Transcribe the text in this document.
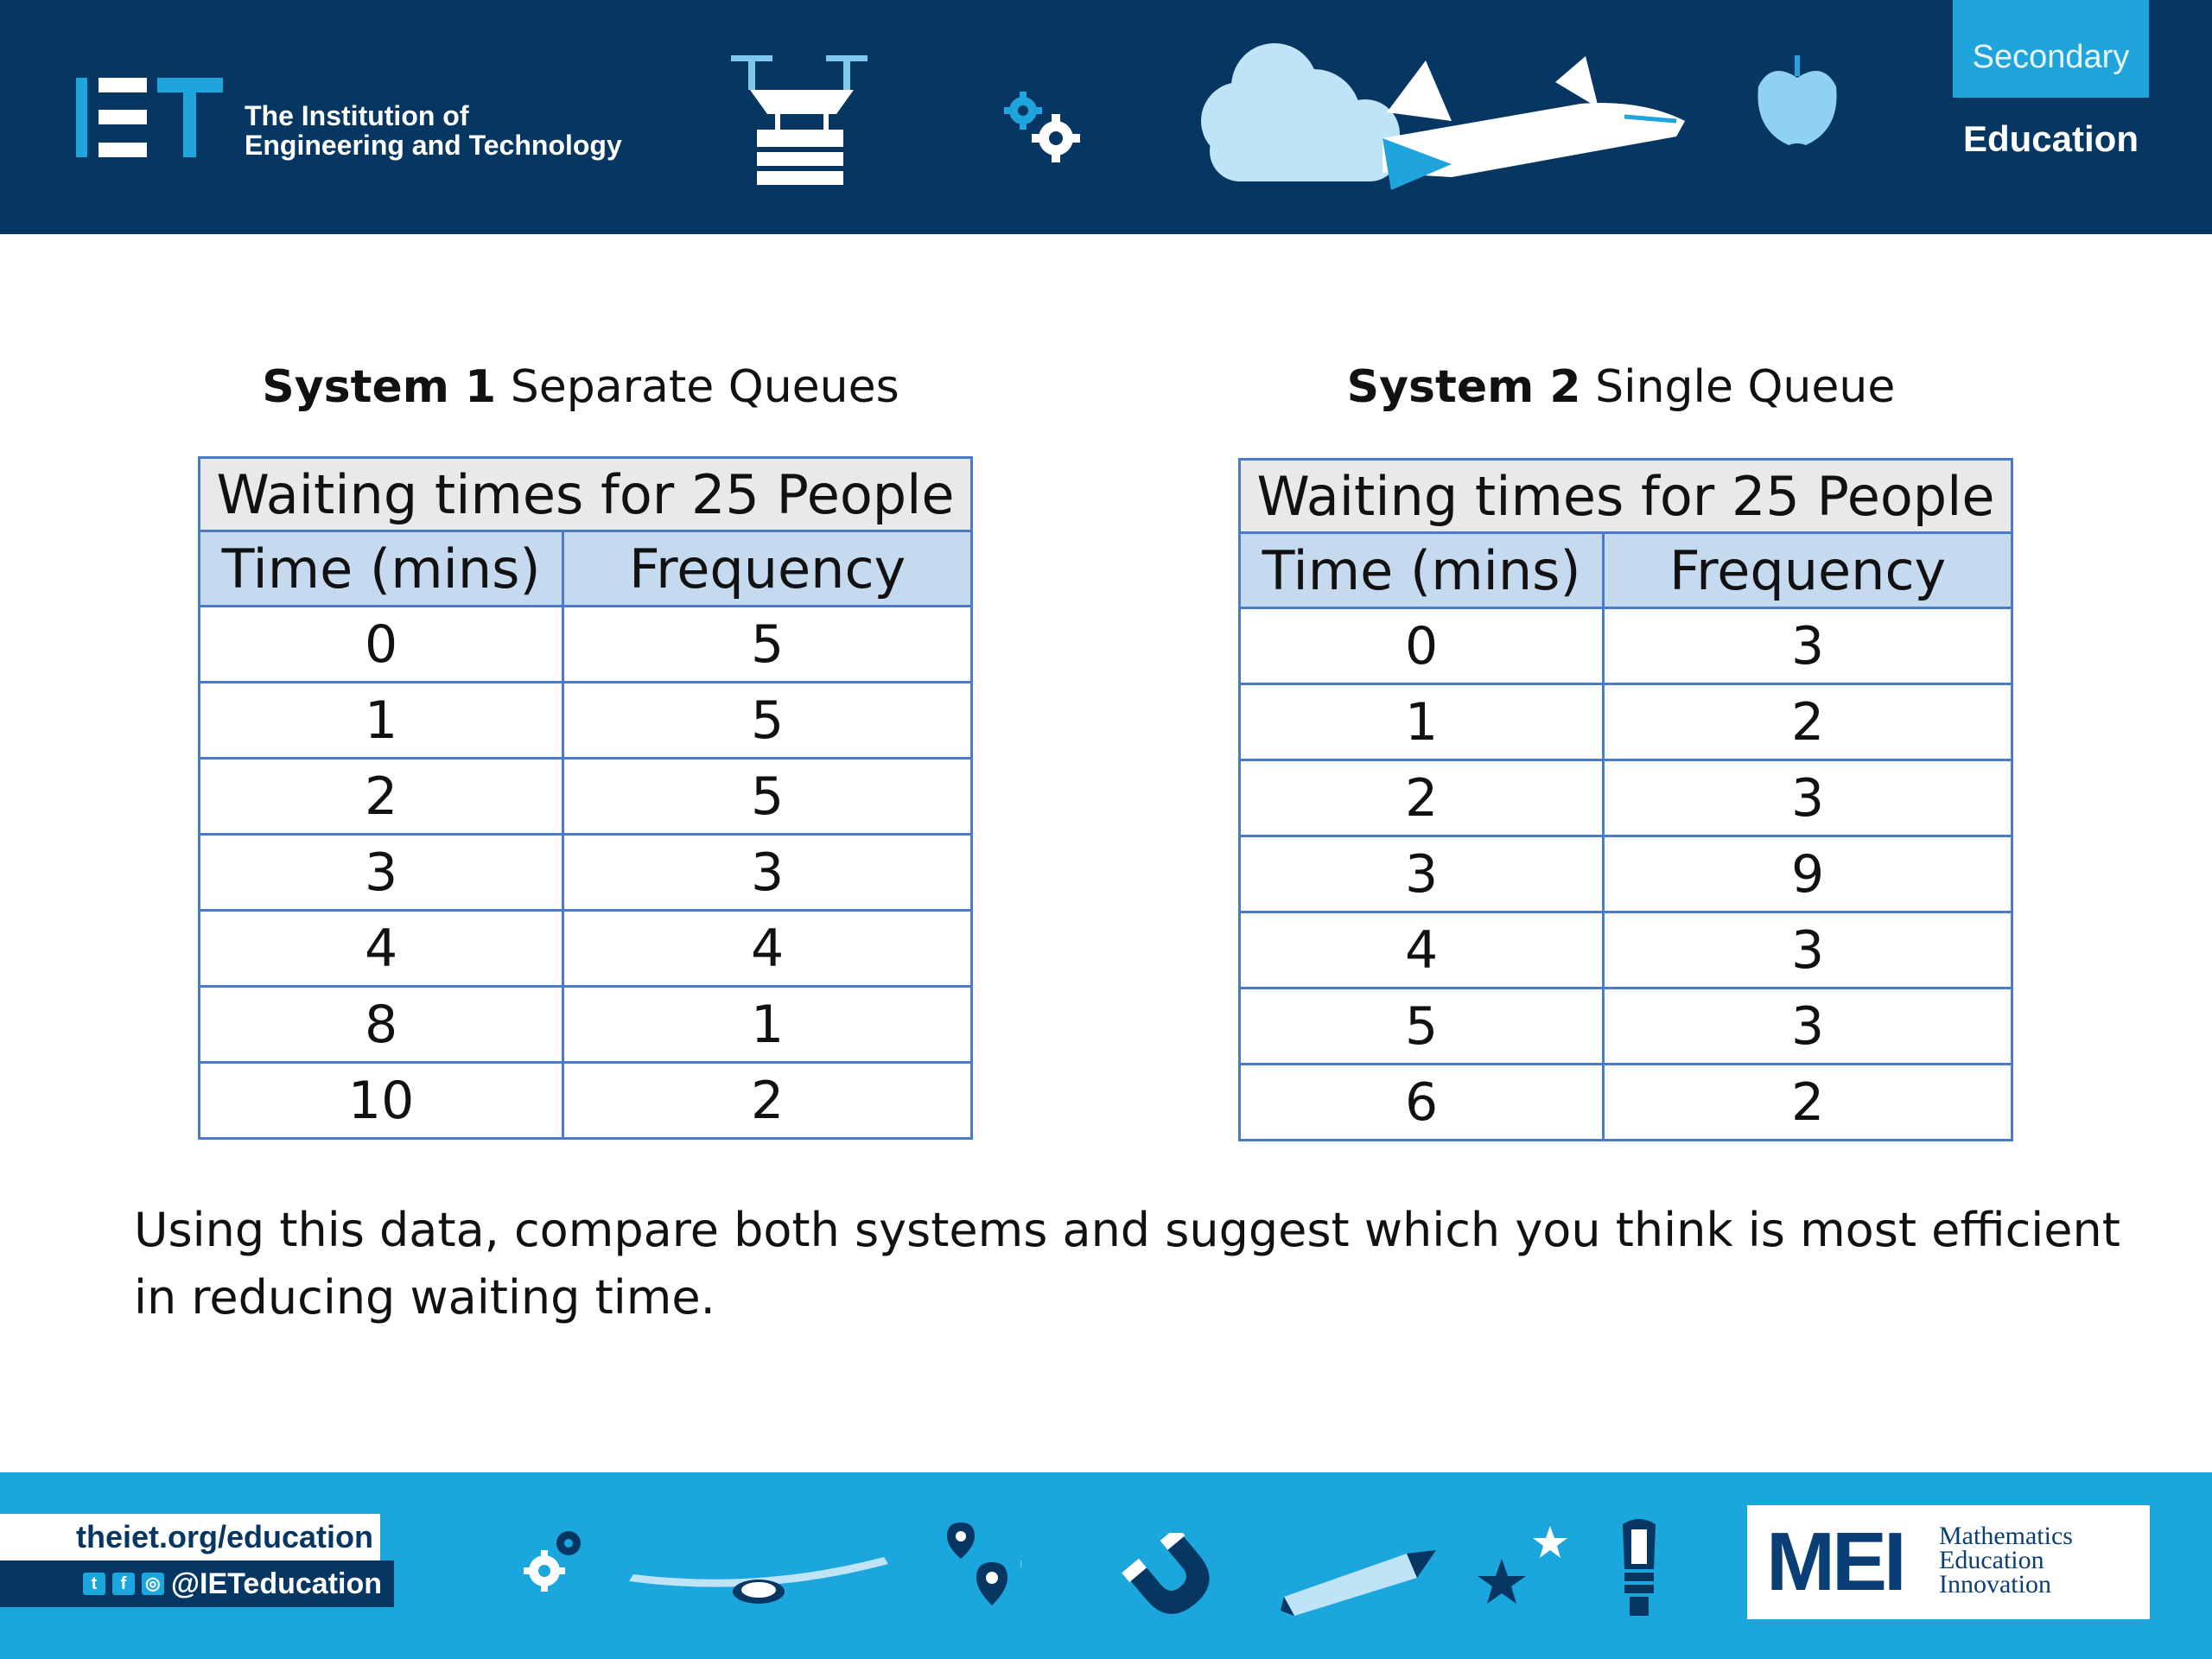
The Institution of
Engineering and Technology
Secondary
Education
System 1 Separate Queues	System 2 Single Queue
Waiting times for 25 People	
Time (mins)	Frequency
0	5
1	5
2	5
3	3
4	4
8	1
10	2
Waiting times for 25 People	
Time (mins)	Frequency
0	3
1	2
2	3
3	9
4	3
5	3
6	2
Using this data, compare both systems and suggest which you think is most efficient in reducing waiting time.
theiet.org/education
t	f	◎ @IETeducation	MEI Mathematics
Education
Innovation
